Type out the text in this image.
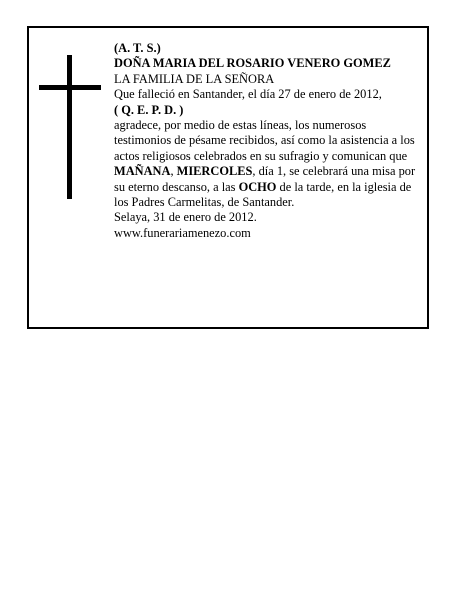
(A. T. S.)

DOÑA MARIA DEL ROSARIO VENERO GOMEZ

LA FAMILIA DE LA SEÑORA

Que falleció en Santander, el día 27 de enero de 2012,

( Q. E. P. D. )

agradece, por medio de estas líneas, los numerosos testimonios de pésame recibidos, así como la asistencia a los actos religiosos celebrados en su sufragio y comunican que MAÑANA, MIERCOLES, día 1, se celebrará una misa por su eterno descanso, a las OCHO de la tarde, en la iglesia de los Padres Carmelitas, de Santander.

Selaya, 31 de enero de 2012.

www.funerariamenezo.com
